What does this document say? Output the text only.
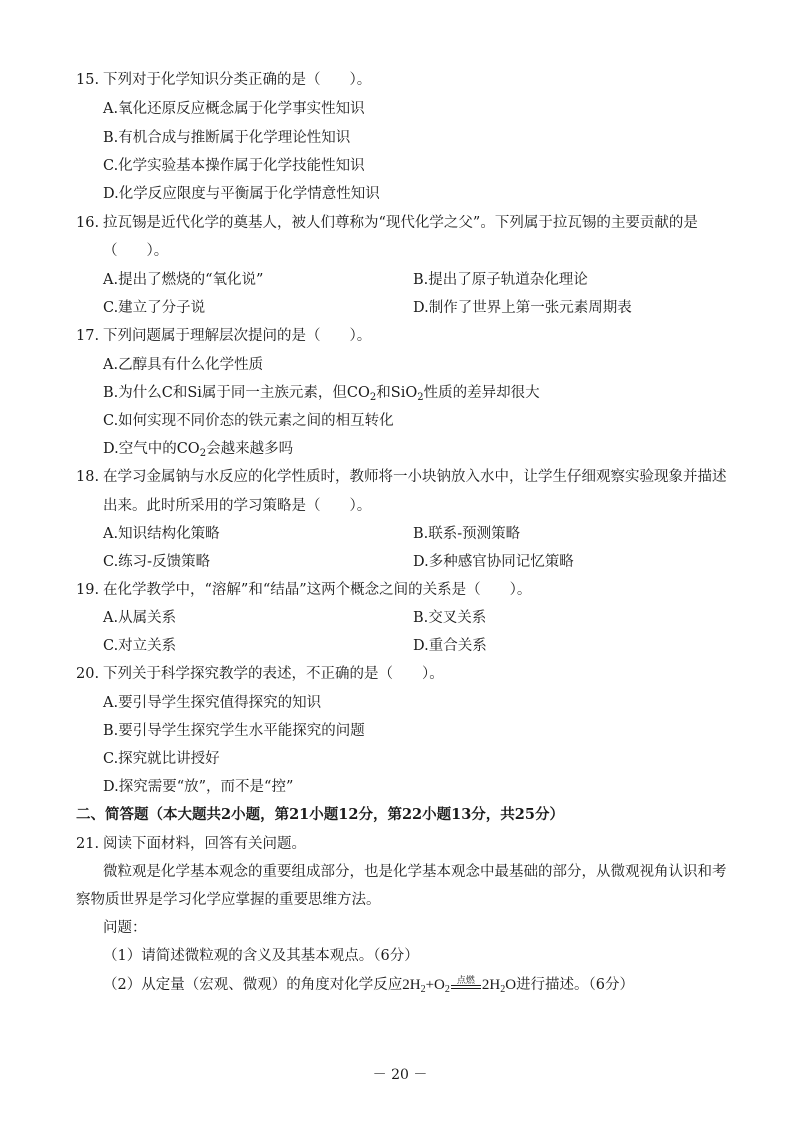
15. 下列对于化学知识分类正确的是（　　）。
A.氧化还原反应概念属于化学事实性知识
B.有机合成与推断属于化学理论性知识
C.化学实验基本操作属于化学技能性知识
D.化学反应限度与平衡属于化学情意性知识
16. 拉瓦锡是近代化学的奠基人，被人们尊称为“现代化学之父”。下列属于拉瓦锡的主要贡献的是
（　　）。
A.提出了燃烧的“氧化说”	B.提出了原子轨道杂化理论
C.建立了分子说	D.制作了世界上第一张元素周期表
17. 下列问题属于理解层次提问的是（　　）。
A.乙醇具有什么化学性质
B.为什么C和Si属于同一主族元素，但$CO_2$和SiO$_2$性质的差异却很大
C.如何实现不同价态的铁元素之间的相互转化
D.空气中的$CO_2$会越来越多吗
18. 在学习金属钠与水反应的化学性质时，教师将一小块钠放入水中，让学生仔细观察实验现象并描述
出来。此时所采用的学习策略是（　　）。
A.知识结构化策略	B.联系-预测策略
C.练习-反馈策略	D.多种感官协同记忆策略
19. 在化学教学中，“溶解”和“结晶”这两个概念之间的关系是（　　）。
A.从属关系	B.交叉关系
C.对立关系	D.重合关系
20. 下列关于科学探究教学的表述，不正确的是（　　）。
A.要引导学生探究值得探究的知识
B.要引导学生探究学生水平能探究的问题
C.探究就比讲授好
D.探究需要“放”，而不是“控”
二、简答题（本大题共2小题，第21小题12分，第22小题13分，共25分）
21. 阅读下面材料，回答有关问题。
微粒观是化学基本观念的重要组成部分，也是化学基本观念中最基础的部分，从微观视角认识和考
察物质世界是学习化学应掌握的重要思维方法。
问题：
（1）请简述微粒观的含义及其基本观点。（6分）
（2）从定量（宏观、微观）的角度对化学反应$2H_2+O_2$
点燃 $2H_2O$进行描述。（6分）
－ 20 －
